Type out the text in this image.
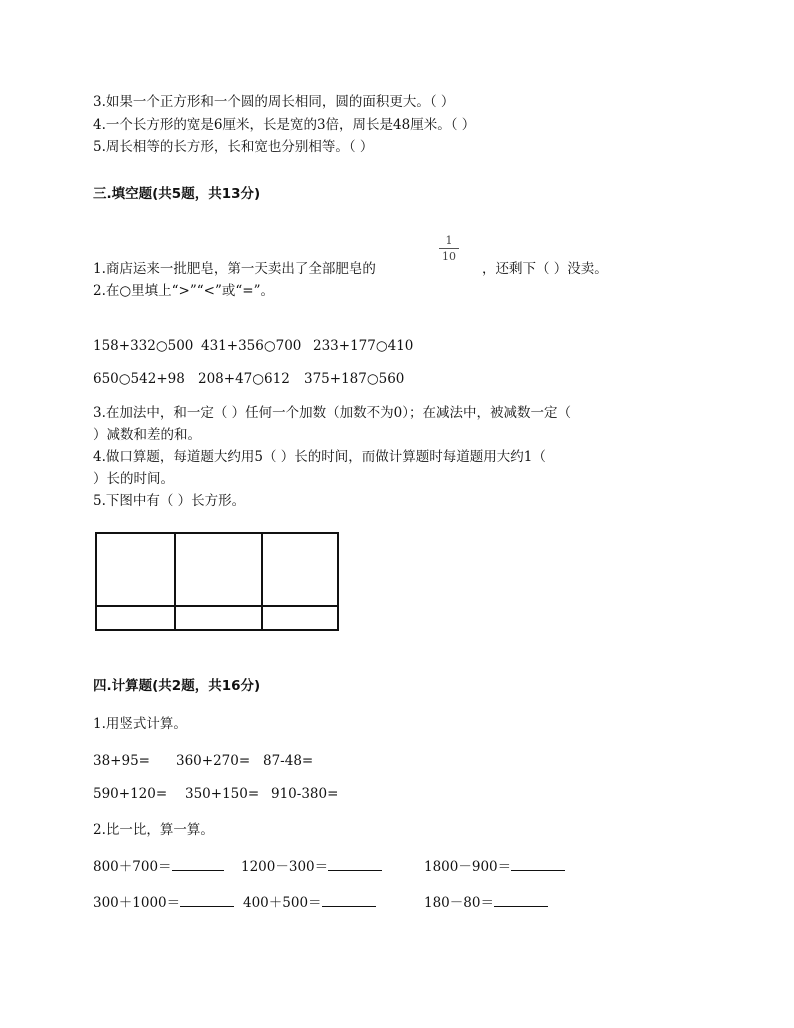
3.如果一个正方形和一个圆的周长相同，圆的面积更大。（ ）
4.一个长方形的宽是6厘米，长是宽的3倍，周长是48厘米。（ ）
5.周长相等的长方形，长和宽也分别相等。（ ）
三.填空题(共5题，共13分)
1.商店运来一批肥皂，第一天卖出了全部肥皂的
1
10
，还剩下（ ）没卖。
2.在○里填上“>”“<”或“=”。
158+332○500 431+356○700 233+177○410
650○542+98 208+47○612 375+187○560
3.在加法中，和一定（ ）任何一个加数（加数不为0）；在减法中，被减数一定（
）减数和差的和。
4.做口算题，每道题大约用5（ ）长的时间，而做计算题时每道题用大约1（
）长的时间。
5.下图中有（ ）长方形。
四.计算题(共2题，共16分)
1.用竖式计算。
38+95= 360+270= 87-48=
590+120= 350+150= 910-380=
2.比一比，算一算。
800＋700＝	1200－300＝	1800－900＝
300＋1000＝	400＋500＝	180－80＝
